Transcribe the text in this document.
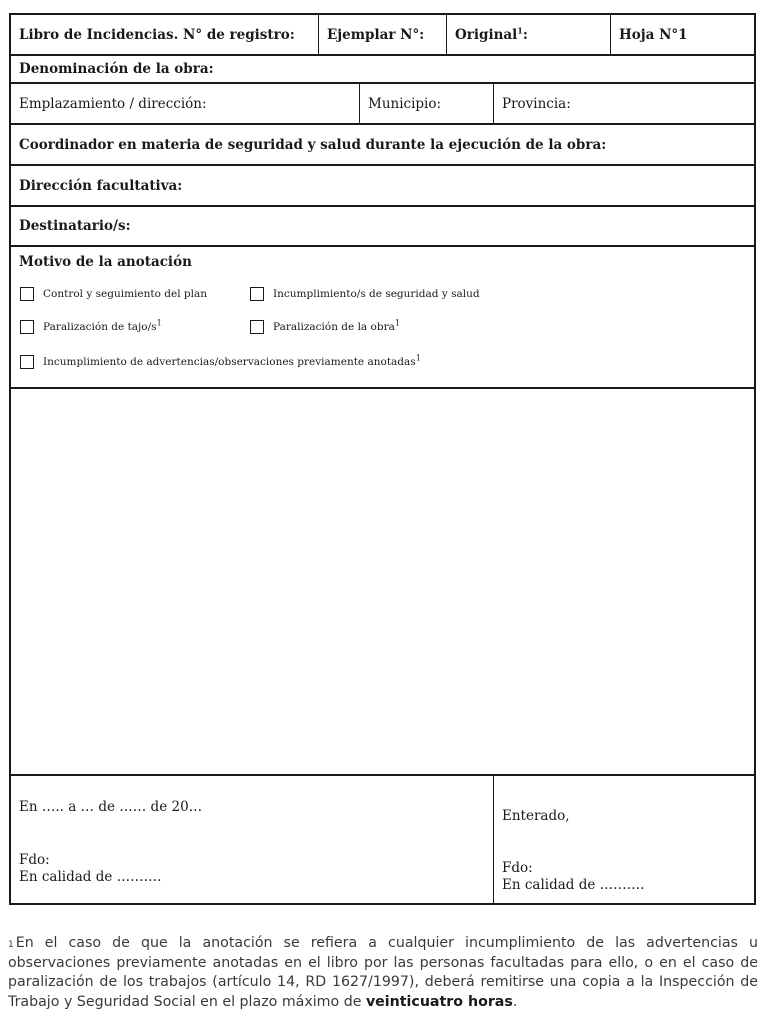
Libro de Incidencias. N° de registro: Ejemplar N°: Original$^1$:	Hoja N°1
Denominación de la obra:
Emplazamiento / dirección:	Municipio:	Provincia:
Coordinador en materia de seguridad y salud durante la ejecución de la obra:
Dirección facultativa:
Destinatario/s:
Motivo de la anotación
Control y seguimiento del plan	Incumplimiento/s de seguridad y salud
Paralización de tajo/$s^1$	Paralización de la obra$^1$
Incumplimiento de advertencias/observaciones previamente anotadas$^1$
En ….. a … de …… de 20…
Fdo:
En calidad de ……….
Enterado,
Fdo:
En calidad de ……….
$^1$ En el caso de que la anotación se refiera a cualquier incumplimiento de las advertencias u observaciones previamente anotadas en el libro por las personas facultadas para ello, o en el caso de paralización de los trabajos (artículo 14, RD 1627/1997), deberá remitirse una copia a la Inspección de Trabajo y Seguridad Social en el plazo máximo de veinticuatro horas.
